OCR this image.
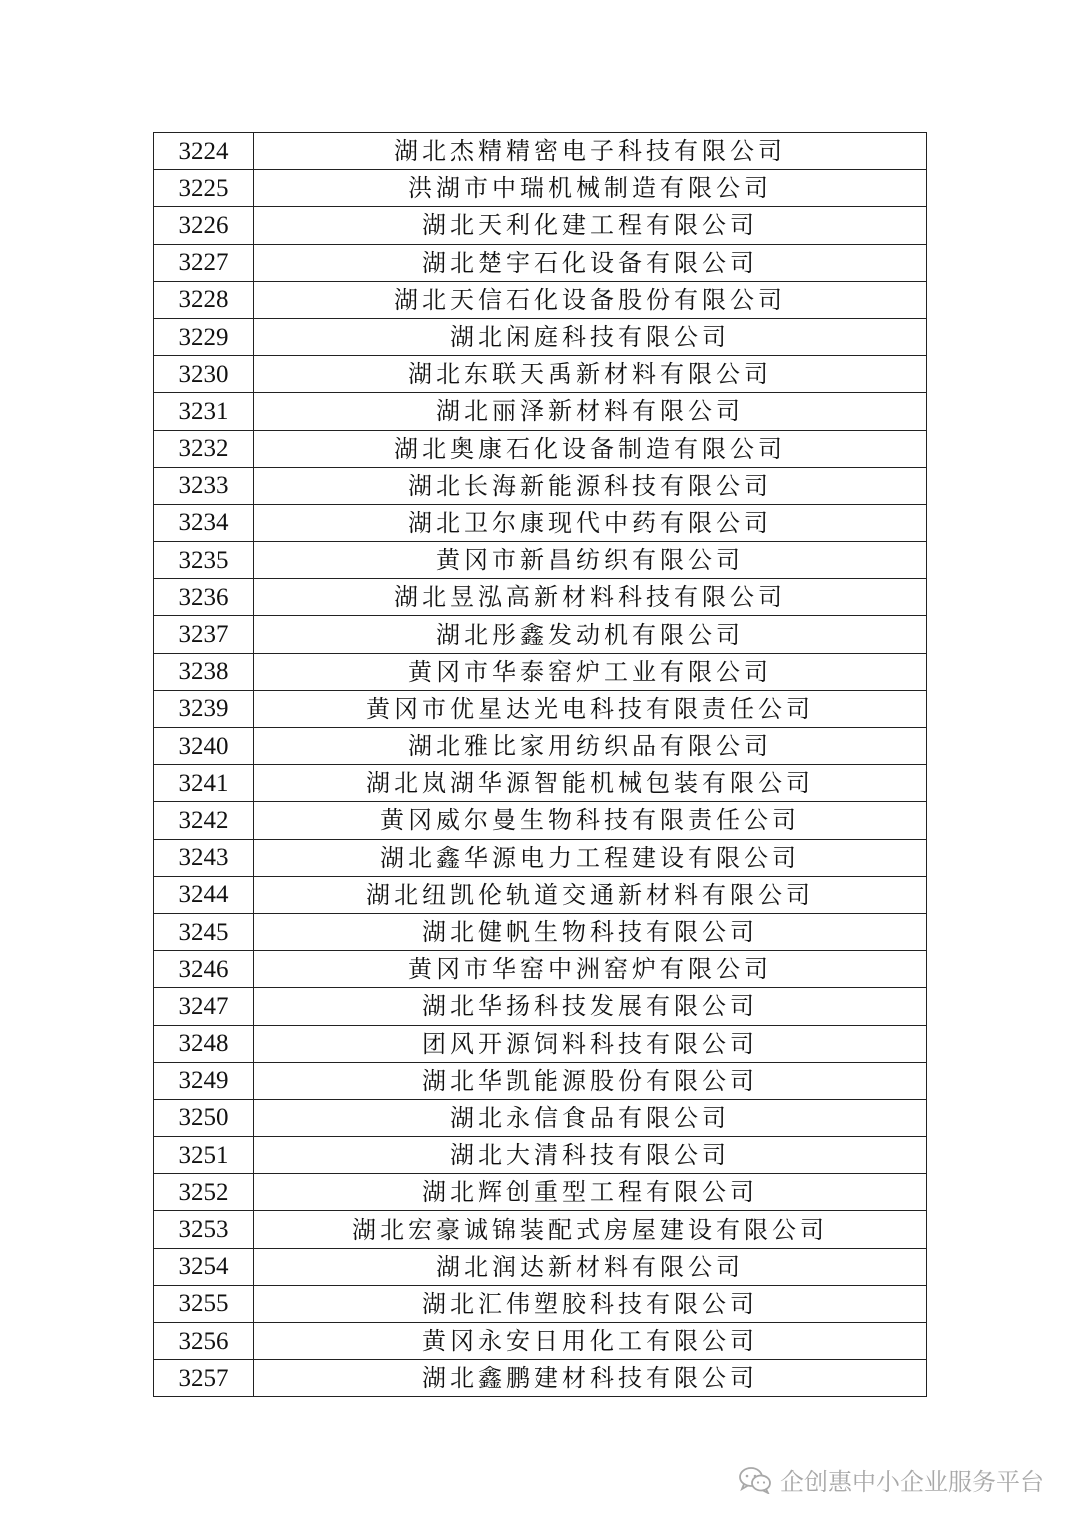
3224	湖北杰精精密电子科技有限公司
3225	洪湖市中瑞机械制造有限公司
3226	湖北天利化建工程有限公司
3227	湖北楚宇石化设备有限公司
3228	湖北天信石化设备股份有限公司
3229	湖北闲庭科技有限公司
3230	湖北东联天禹新材料有限公司
3231	湖北丽泽新材料有限公司
3232	湖北奥康石化设备制造有限公司
3233	湖北长海新能源科技有限公司
3234	湖北卫尔康现代中药有限公司
3235	黄冈市新昌纺织有限公司
3236	湖北昱泓高新材料科技有限公司
3237	湖北彤鑫发动机有限公司
3238	黄冈市华泰窑炉工业有限公司
3239	黄冈市优星达光电科技有限责任公司
3240	湖北雅比家用纺织品有限公司
3241	湖北岚湖华源智能机械包装有限公司
3242	黄冈威尔曼生物科技有限责任公司
3243	湖北鑫华源电力工程建设有限公司
3244	湖北纽凯伦轨道交通新材料有限公司
3245	湖北健帆生物科技有限公司
3246	黄冈市华窑中洲窑炉有限公司
3247	湖北华扬科技发展有限公司
3248	团风开源饲料科技有限公司
3249	湖北华凯能源股份有限公司
3250	湖北永信食品有限公司
3251	湖北大清科技有限公司
3252	湖北辉创重型工程有限公司
3253	湖北宏豪诚锦装配式房屋建设有限公司
3254	湖北润达新材料有限公司
3255	湖北汇伟塑胶科技有限公司
3256	黄冈永安日用化工有限公司
3257	湖北鑫鹏建材科技有限公司
企创惠中小企业服务平台
